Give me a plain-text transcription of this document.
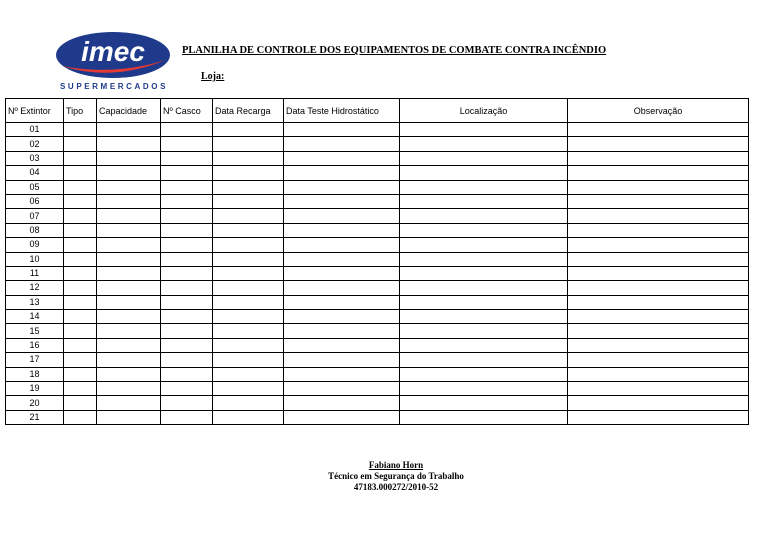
imec
SUPERMERCADOS
PLANILHA DE CONTROLE DOS EQUIPAMENTOS DE COMBATE CONTRA INCÊNDIO
Loja:
Nº Extintor	Tipo	Capacidade	Nº Casco	Data Recarga	Data Teste Hidrostático	Localização	Observação
01							
02							
03							
04							
05							
06							
07							
08							
09							
10							
11							
12							
13							
14							
15							
16							
17							
18							
19							
20							
21							
Fabiano Horn
Técnico em Segurança do Trabalho
47183.000272/2010-52
